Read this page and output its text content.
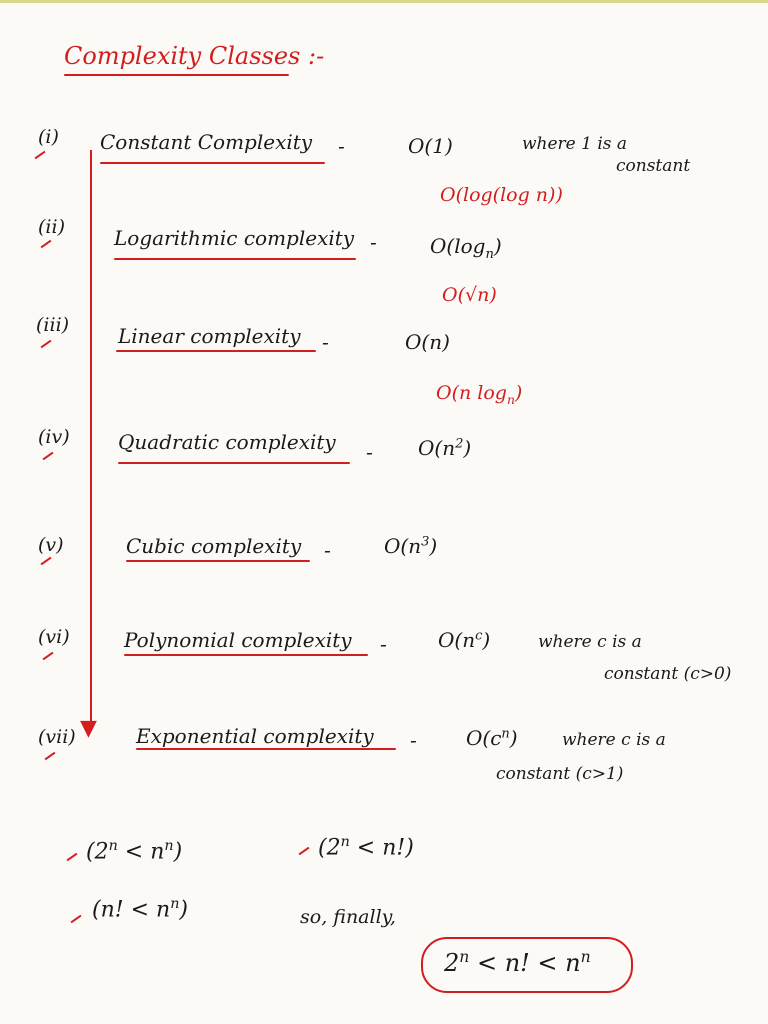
Complexity Classes :-
▼
(i) Constant Complexity -	O(1)	where 1 is a
constant
O(log(log n))
(ii) Logarithmic complexity -	$O(\log_n)$
O(√n)
(iii) Linear complexity -	O(n)
O(n $\log_n$)
(iv) Quadratic complexity - $O(n^2)$
(v)	Cubic complexity -	$O(n^3)$
(vi)	Polynomial complexity -	$O(n^c)$	where c is a
constant (c>0)
(vii)	Exponential complexity - $O(c^n)$	where c is a
constant (c>1)
$(2^n < n^n)$	$(2^n < n!)$
(n! < $n^n$)	so, finally,
$2^n < n$! < $n^n$
